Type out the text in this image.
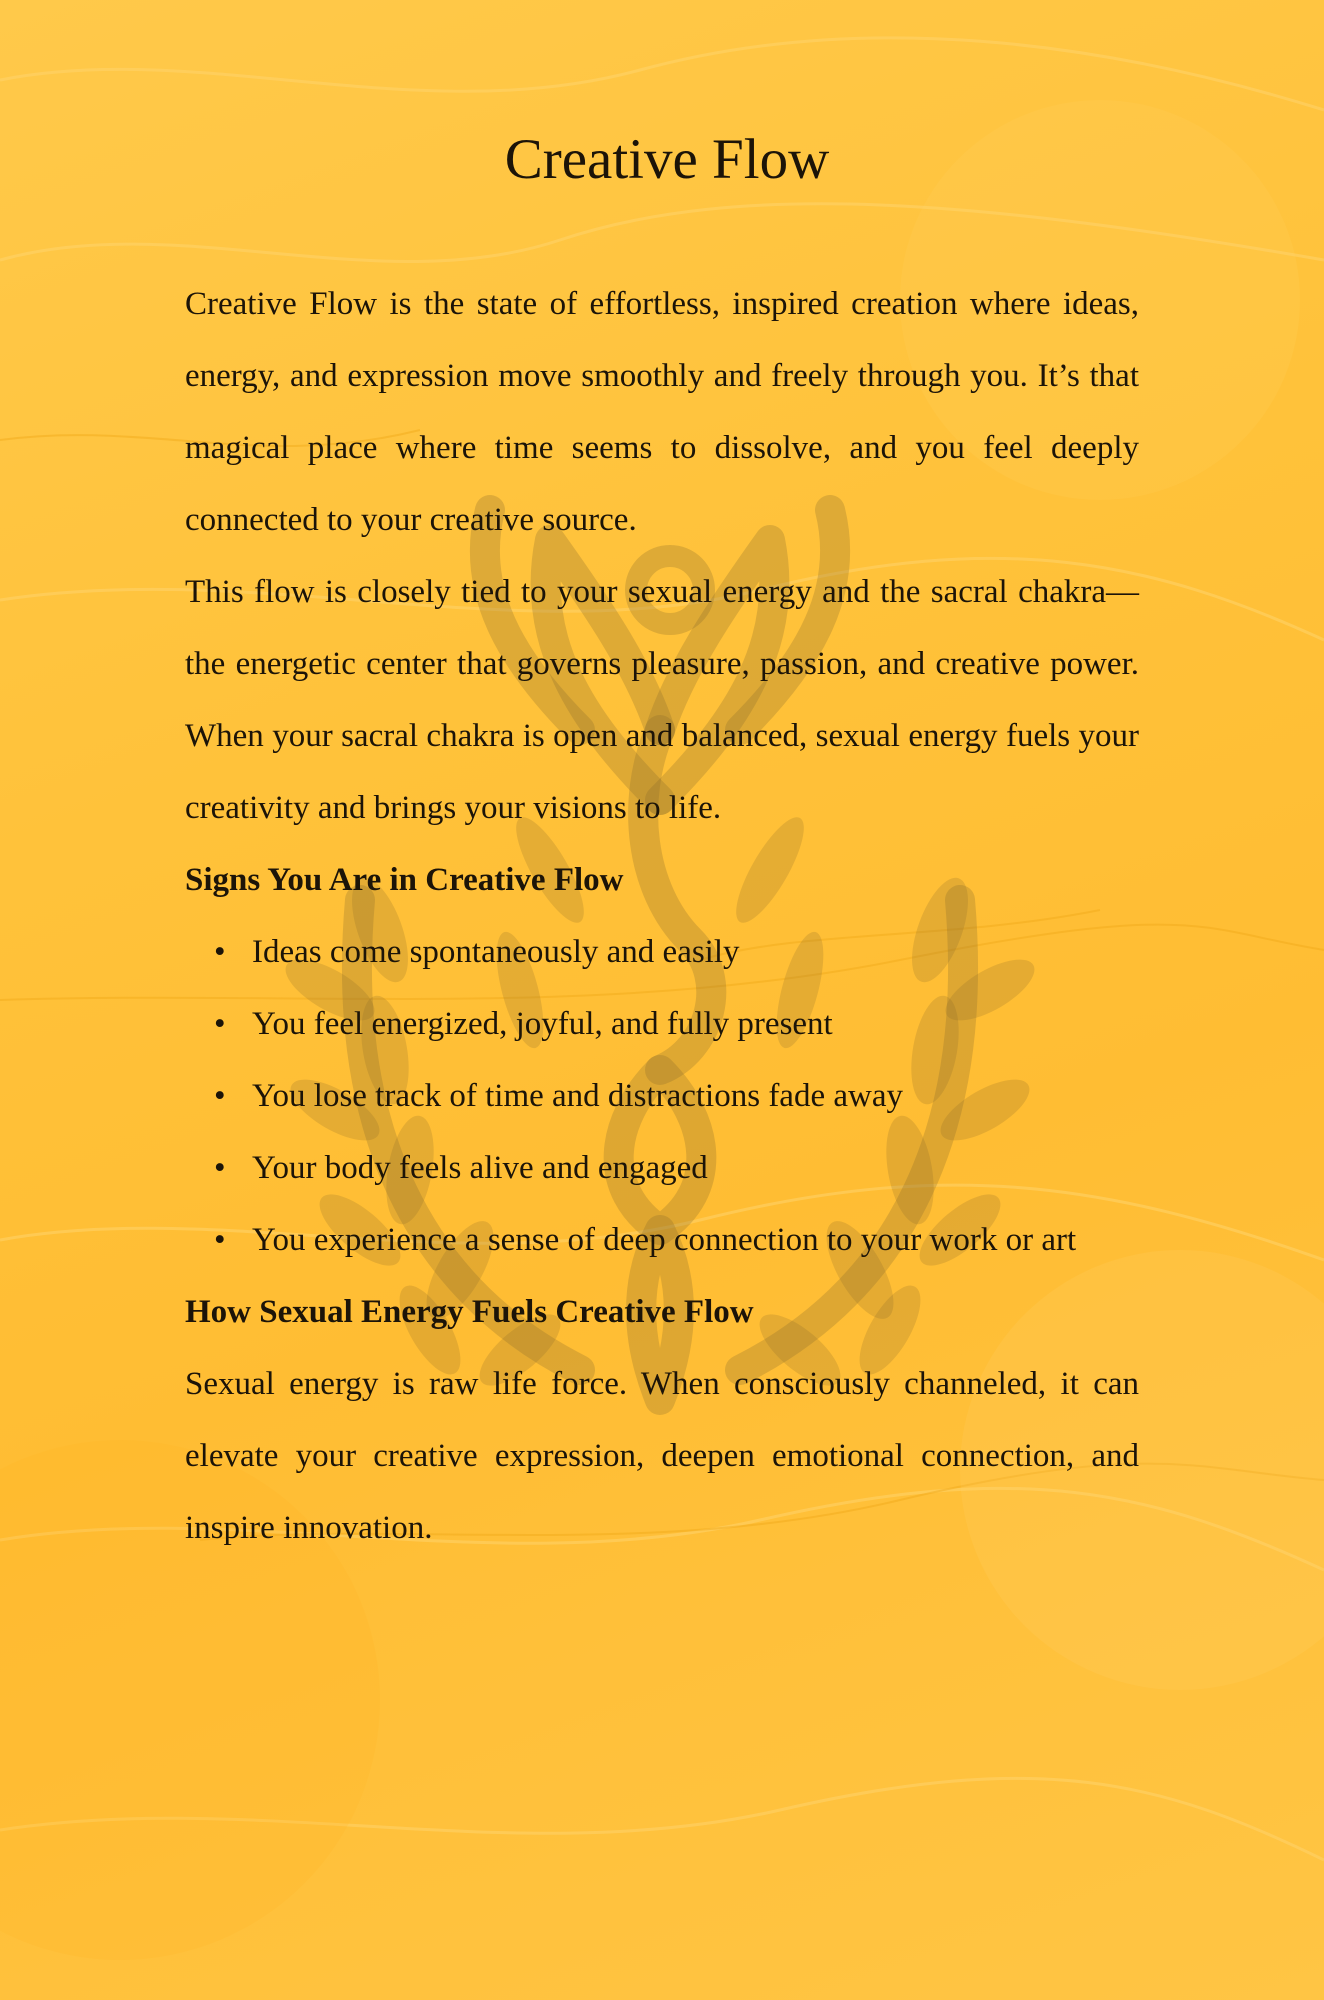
Creative Flow

Creative Flow is the state of effortless, inspired creation where ideas, energy, and expression move smoothly and freely through you. It’s that magical place where time seems to dissolve, and you feel deeply connected to your creative source.

This flow is closely tied to your sexual energy and the sacral chakra—the energetic center that governs pleasure, passion, and creative power. When your sacral chakra is open and balanced, sexual energy fuels your creativity and brings your visions to life.

Signs You Are in Creative Flow

• Ideas come spontaneously and easily
• You feel energized, joyful, and fully present
• You lose track of time and distractions fade away
• Your body feels alive and engaged
• You experience a sense of deep connection to your work or art

How Sexual Energy Fuels Creative Flow

Sexual energy is raw life force. When consciously channeled, it can elevate your creative expression, deepen emotional connection, and inspire innovation.
